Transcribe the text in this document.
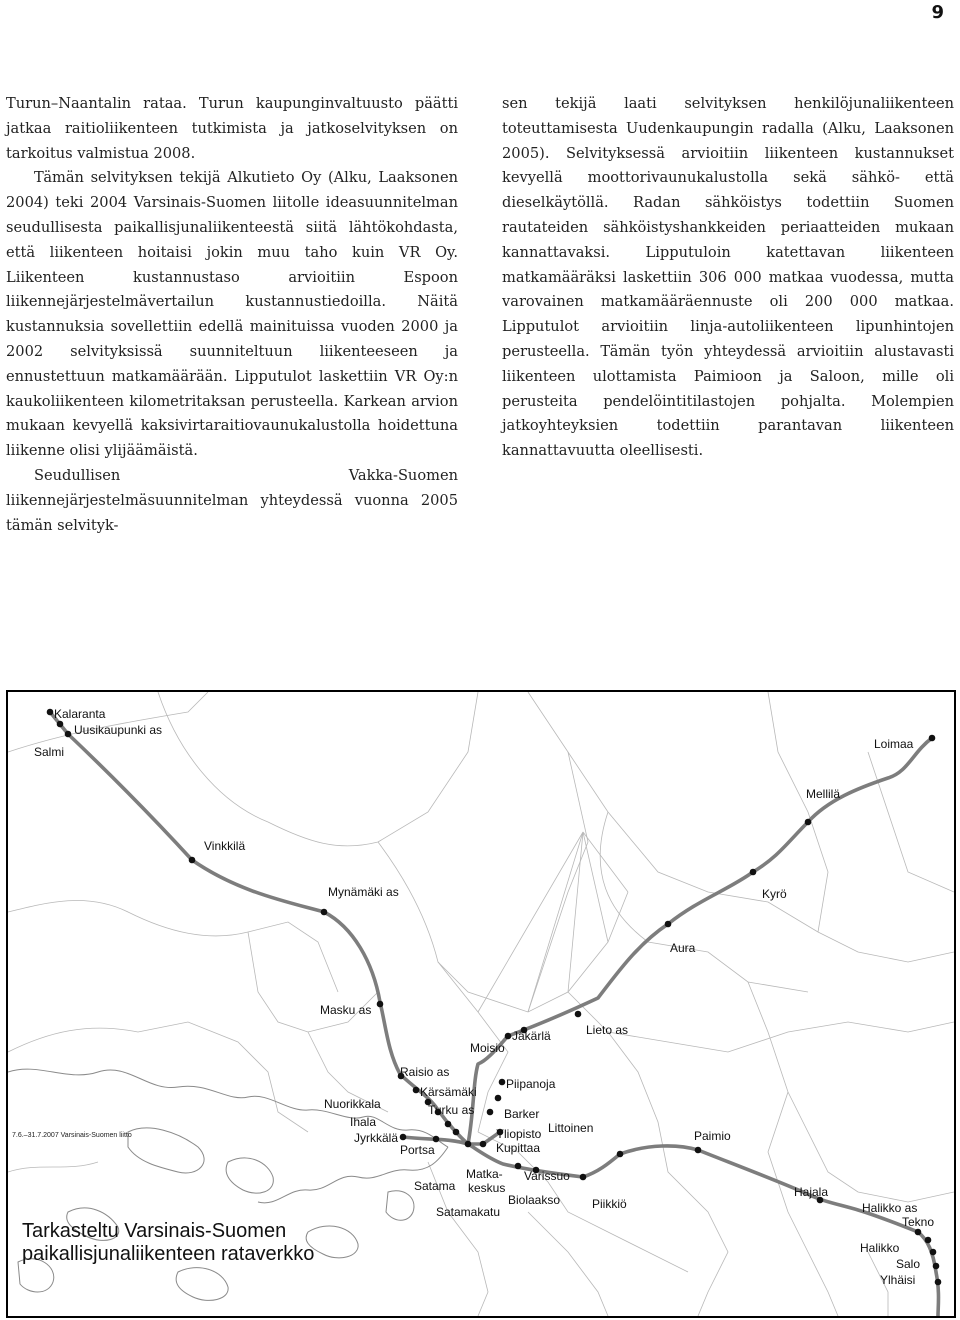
9

Turun–Naantalin rataa. Turun kaupunginvaltuusto päätti jatkaa raitioliikenteen tutkimista ja jatkoselvityksen on tarkoitus valmistua 2008.

Tämän selvityksen tekijä Alkutieto Oy (Alku, Laaksonen 2004) teki 2004 Varsinais-Suomen liitolle ideasuunnitelman seudullisesta paikallisjunaliikenteestä siitä lähtökohdasta, että liikenteen hoitaisi jokin muu taho kuin VR Oy. Liikenteen kustannustaso arvioitiin Espoon liikennejärjestelmävertailun kustannustiedoilla. Näitä kustannuksia sovellettiin edellä mainituissa vuoden 2000 ja 2002 selvityksissä suunniteltuun liikenteeseen ja ennustettuun matkamäärään. Lipputulot laskettiin VR Oy:n kaukoliikenteen kilometritaksan perusteella. Karkean arvion mukaan kevyellä kaksivirtaraitiovaunukalustolla hoidettuna liikenne olisi ylijäämäistä.

Seudullisen Vakka-Suomen liikennejärjestelmäsuunnitelman yhteydessä vuonna 2005 tämän selvityk-

sen tekijä laati selvityksen henkilöjunaliikenteen toteuttamisesta Uudenkaupungin radalla (Alku, Laaksonen 2005). Selvityksessä arvioitiin liikenteen kustannukset kevyellä moottorivaunukalustolla sekä sähkö- että dieselkäytöllä. Radan sähköistys todettiin Suomen rautateiden sähköistyshankkeiden periaatteiden mukaan kannattavaksi. Lipputuloin katettavan liikenteen matkamääräksi laskettiin 306 000 matkaa vuodessa, mutta varovainen matkamääräennuste oli 200 000 matkaa. Lipputulot arvioitiin linja-autoliikenteen lipunhintojen perusteella. Tämän työn yhteydessä arvioitiin alustavasti liikenteen ulottamista Paimioon ja Saloon, mille oli perusteita pendelöintitilastojen pohjalta. Molempien jatkoyhteyksien todettiin parantavan liikenteen kannattavuutta oleellisesti.

Kalaranta
Uusikaupunki as
Salmi
Loimaa
Mellilä
Vinkkilä
Mynämäki as	Kyrö
Aura
Masku as
Moisio
Jäkärlä	Lieto as
Raisio as
Piipanoja
Kärsämäki
Nuorikkala	Turku as Barker
Ihala
Jyrkkälä	Yliopisto Littoinen
Portsa	Kupittaa
Paimio
Matka-
keskus
Varissuo
Satama
Biolaakso	Piikkiö
Hajala
Halikko as
Tekno
Satamakatu
Halikko
Salo
Ylhäisi
7.6.–31.7.2007 Varsinais-Suomen liitto
Tarkasteltu Varsinais-Suomen
paikallisjunaliikenteen rataverkko
